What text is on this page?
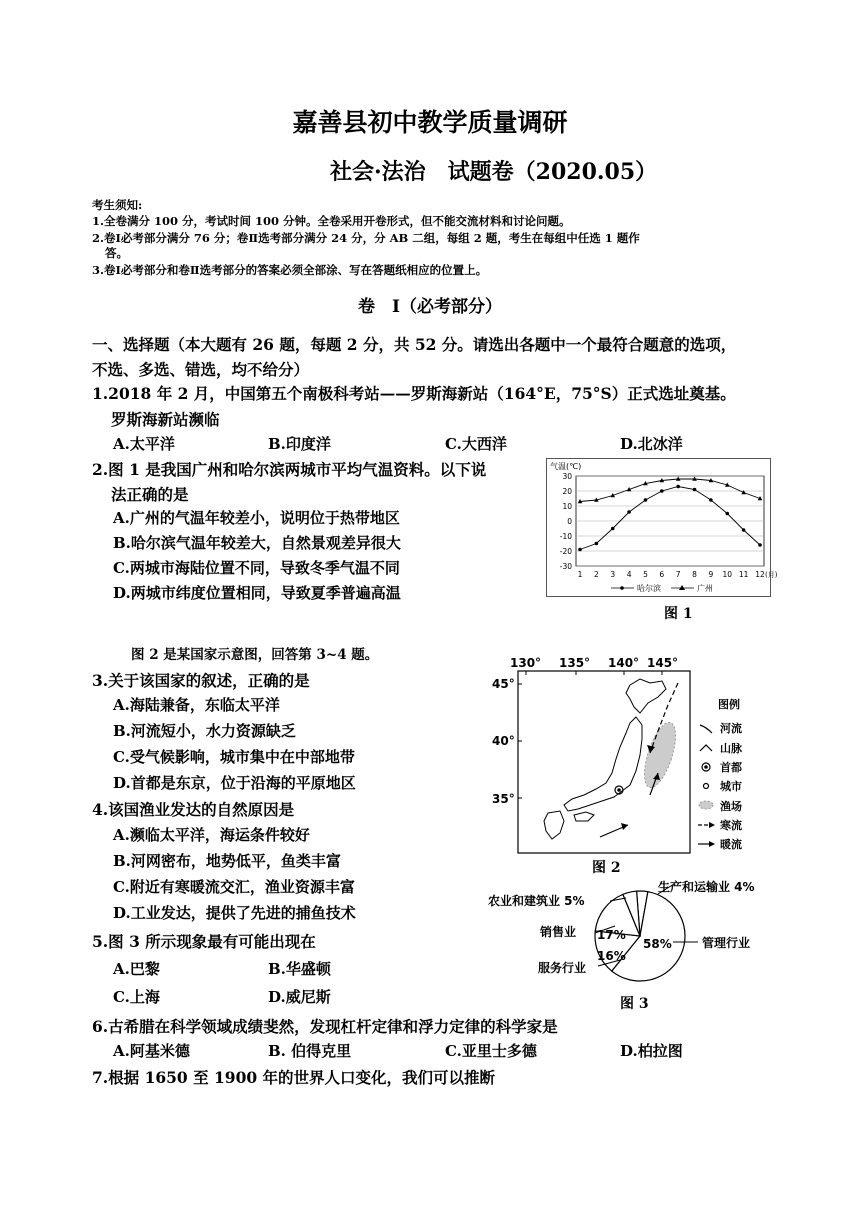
嘉善县初中教学质量调研
社会·法治　试题卷（2020.05）
考生须知:
1.全卷满分 100 分，考试时间 100 分钟。全卷采用开卷形式，但不能交流材料和讨论问题。
2.卷Ⅰ必考部分满分 76 分；卷Ⅱ选考部分满分 24 分，分 AB 二组，每组 2 题，考生在每组中任选 1 题作
答。
3.卷Ⅰ必考部分和卷Ⅱ选考部分的答案必须全部涂、写在答题纸相应的位置上。
卷　Ⅰ（必考部分）
一、选择题（本大题有 26 题，每题 2 分，共 52 分。请选出各题中一个最符合题意的选项，
不选、多选、错选，均不给分）
1.2018 年 2 月，中国第五个南极科考站——罗斯海新站（164°E，75°S）正式选址奠基。
罗斯海新站濒临
A.太平洋	B.印度洋	C.大西洋	D.北冰洋
2.图 1 是我国广州和哈尔滨两城市平均气温资料。以下说
法正确的是
A.广州的气温年较差小，说明位于热带地区
B.哈尔滨气温年较差大，自然景观差异很大
C.两城市海陆位置不同，导致冬季气温不同
D.两城市纬度位置相同，导致夏季普遍高温
气温(℃)
30
20
10
0
-10
-20
-30
1 2 3 4 5 6 7 8 9 10 11 12 (月)
哈尔滨	广州
图 1
图 2 是某国家示意图，回答第 3~4 题。
3.关于该国家的叙述，正确的是
A.海陆兼备，东临太平洋
B.河流短小，水力资源缺乏
C.受气候影响，城市集中在中部地带
D.首都是东京，位于沿海的平原地区
4.该国渔业发达的自然原因是
A.濒临太平洋，海运条件较好
B.河网密布，地势低平，鱼类丰富
C.附近有寒暖流交汇，渔业资源丰富
D.工业发达，提供了先进的捕鱼技术
5.图 3 所示现象最有可能出现在
A.巴黎	B.华盛顿
C.上海	D.威尼斯
6.古希腊在科学领域成绩斐然，发现杠杆定律和浮力定律的科学家是
A.阿基米德	B. 伯得克里	C.亚里士多德	D.柏拉图
7.根据 1650 至 1900 年的世界人口变化，我们可以推断
130° 135° 140° 145°
45°
40°
35°
图例
河流
山脉
首都
城市
渔场
寒流
暖流
图 2
管理行业
服务行业
销售业
农业和建筑业 5%
生产和运输业 4%
58%
17%
16%
图 3
